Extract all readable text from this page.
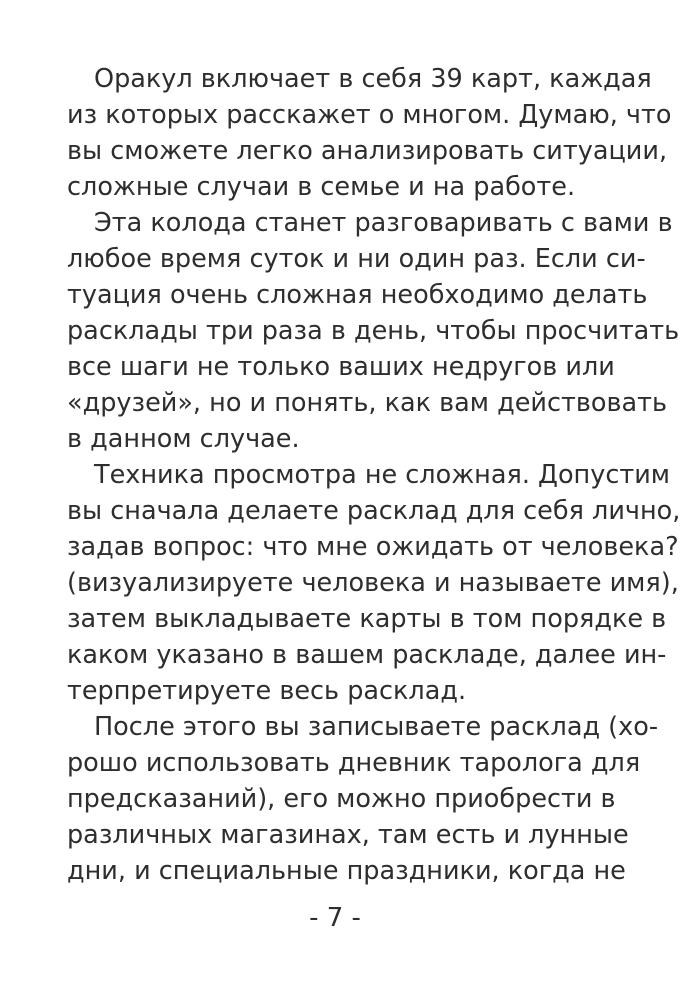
Оракул включает в себя 39 карт, каждая
из которых расскажет о многом. Думаю, что
вы сможете легко анализировать ситуации,
сложные случаи в семье и на работе.
Эта колода станет разговаривать с вами в
любое время суток и ни один раз. Если си-
туация очень сложная необходимо делать
расклады три раза в день, чтобы просчитать
все шаги не только ваших недругов или
«друзей», но и понять, как вам действовать
в данном случае.
Техника просмотра не сложная. Допустим
вы сначала делаете расклад для себя лично,
задав вопрос: что мне ожидать от человека?
(визуализируете человека и называете имя),
затем выкладываете карты в том порядке в
каком указано в вашем раскладе, далее ин-
терпретируете весь расклад.
После этого вы записываете расклад (хо-
рошо использовать дневник таролога для
предсказаний), его можно приобрести в
различных магазинах, там есть и лунные
дни, и специальные праздники, когда не
- 7 -
